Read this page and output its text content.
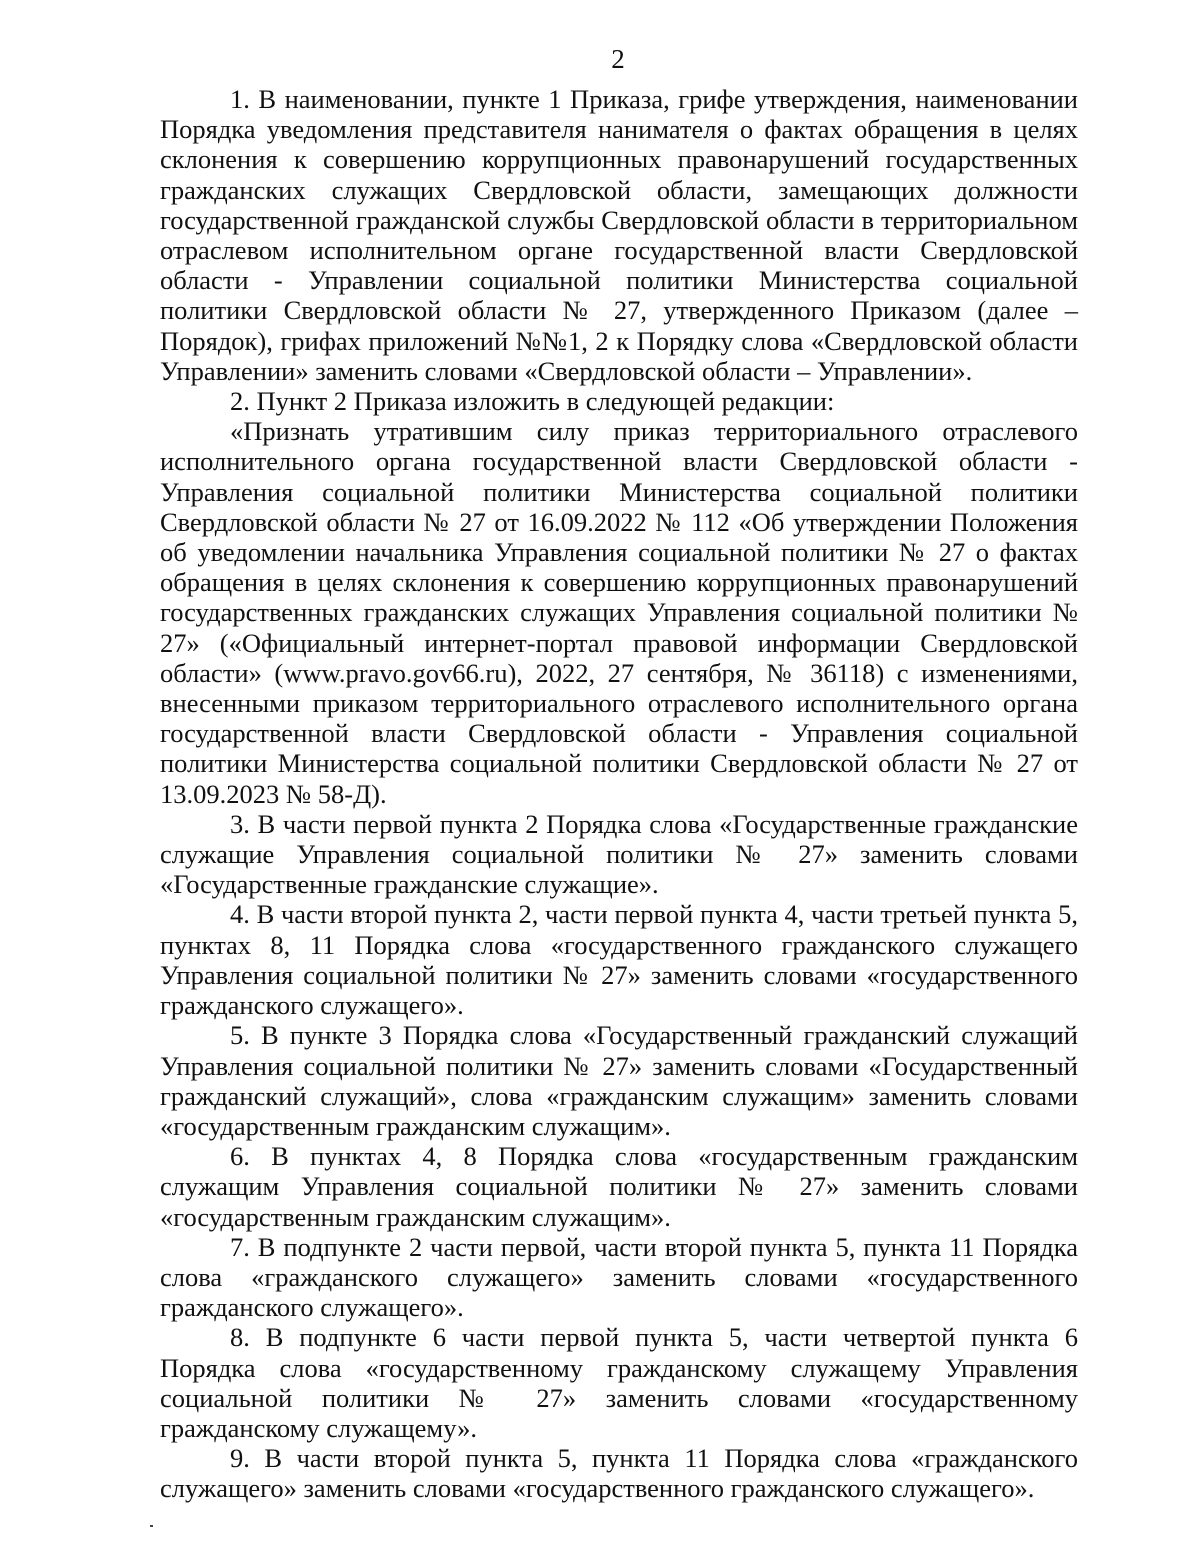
2

1. В наименовании, пункте 1 Приказа, грифе утверждения, наименовании Порядка уведомления представителя нанимателя о фактах обращения в целях склонения к совершению коррупционных правонарушений государственных гражданских служащих Свердловской области, замещающих должности государственной гражданской службы Свердловской области в территориальном отраслевом исполнительном органе государственной власти Свердловской области - Управлении социальной политики Министерства социальной политики Свердловской области № 27, утвержденного Приказом (далее – Порядок), грифах приложений №№1, 2 к Порядку слова «Свердловской области Управлении» заменить словами «Свердловской области – Управлении».

2. Пункт 2 Приказа изложить в следующей редакции:

«Признать утратившим силу приказ территориального отраслевого исполнительного органа государственной власти Свердловской области - Управления социальной политики Министерства социальной политики Свердловской области № 27 от 16.09.2022 № 112 «Об утверждении Положения об уведомлении начальника Управления социальной политики № 27 о фактах обращения в целях склонения к совершению коррупционных правонарушений государственных гражданских служащих Управления социальной политики № 27» («Официальный интернет-портал правовой информации Свердловской области» (www.pravo.gov66.ru), 2022, 27 сентября, № 36118) с изменениями, внесенными приказом территориального отраслевого исполнительного органа государственной власти Свердловской области - Управления социальной политики Министерства социальной политики Свердловской области № 27 от 13.09.2023 № 58-Д).

3. В части первой пункта 2 Порядка слова «Государственные гражданские служащие Управления социальной политики № 27» заменить словами «Государственные гражданские служащие».

4. В части второй пункта 2, части первой пункта 4, части третьей пункта 5, пунктах 8, 11 Порядка слова «государственного гражданского служащего Управления социальной политики № 27» заменить словами «государственного гражданского служащего».

5. В пункте 3 Порядка слова «Государственный гражданский служащий Управления социальной политики № 27» заменить словами «Государственный гражданский служащий», слова «гражданским служащим» заменить словами «государственным гражданским служащим».

6. В пунктах 4, 8 Порядка слова «государственным гражданским служащим Управления социальной политики № 27» заменить словами «государственным гражданским служащим».

7. В подпункте 2 части первой, части второй пункта 5, пункта 11 Порядка слова «гражданского служащего» заменить словами «государственного гражданского служащего».

8. В подпункте 6 части первой пункта 5, части четвертой пункта 6 Порядка слова «государственному гражданскому служащему Управления социальной политики № 27» заменить словами «государственному гражданскому служащему».

9. В части второй пункта 5, пункта 11 Порядка слова «гражданского служащего» заменить словами «государственного гражданского служащего».
